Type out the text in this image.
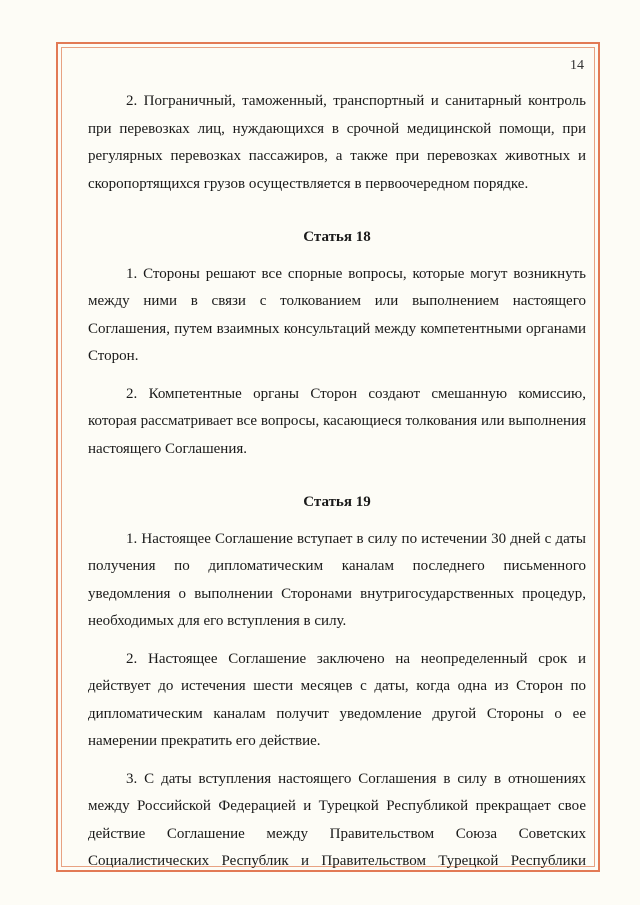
14

2. Пограничный, таможенный, транспортный и санитарный контроль при перевозках лиц, нуждающихся в срочной медицинской помощи, при регулярных перевозках пассажиров, а также при перевозках животных и скоропортящихся грузов осуществляется в первоочередном порядке.

Статья 18

1. Стороны решают все спорные вопросы, которые могут возникнуть между ними в связи с толкованием или выполнением настоящего Соглашения, путем взаимных консультаций между компетентными органами Сторон.

2. Компетентные органы Сторон создают смешанную комиссию, которая рассматривает все вопросы, касающиеся толкования или выполнения настоящего Соглашения.

Статья 19

1. Настоящее Соглашение вступает в силу по истечении 30 дней с даты получения по дипломатическим каналам последнего письменного уведомления о выполнении Сторонами внутригосударственных процедур, необходимых для его вступления в силу.

2. Настоящее Соглашение заключено на неопределенный срок и действует до истечения шести месяцев с даты, когда одна из Сторон по дипломатическим каналам получит уведомление другой Стороны о ее намерении прекратить его действие.

3. С даты вступления настоящего Соглашения в силу в отношениях между Российской Федерацией и Турецкой Республикой прекращает свое действие Соглашение между Правительством Союза Советских Социалистических Республик и Правительством Турецкой Республики
